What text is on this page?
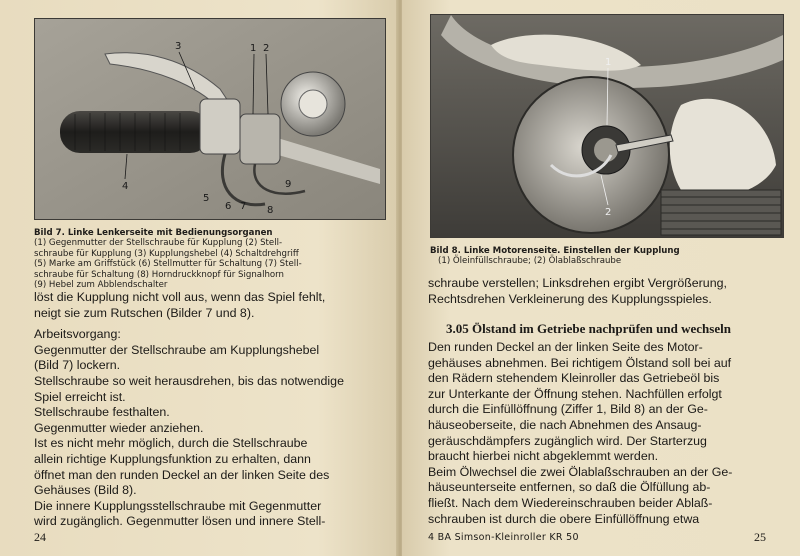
3	1 2
4
5
6 7
9
8
Bild 7. Linke Lenkerseite mit Bedienungsorganen
(1) Gegenmutter der Stellschraube für Kupplung (2) Stell-
schraube für Kupplung (3) Kupplungshebel (4) Schaltdrehgriff
(5) Marke am Griffstück (6) Stellmutter für Schaltung (7) Stell-
schraube für Schaltung (8) Horndruckknopf für Signalhorn
(9) Hebel zum Abblendschalter
löst die Kupplung nicht voll aus, wenn das Spiel fehlt,
neigt sie zum Rutschen (Bilder 7 und 8).
Arbeitsvorgang:
Gegenmutter der Stellschraube am Kupplungshebel
(Bild 7) lockern.
Stellschraube so weit herausdrehen, bis das notwendige
Spiel erreicht ist.
Stellschraube festhalten.
Gegenmutter wieder anziehen.
Ist es nicht mehr möglich, durch die Stellschraube
allein richtige Kupplungsfunktion zu erhalten, dann
öffnet man den runden Deckel an der linken Seite des
Gehäuses (Bild 8).
Die innere Kupplungsstellschraube mit Gegenmutter
wird zugänglich. Gegenmutter lösen und innere Stell-
24
1
2
Bild 8. Linke Motorenseite. Einstellen der Kupplung
(1) Öleinfüllschraube; (2) Ölablaßschraube
schraube verstellen; Linksdrehen ergibt Vergrößerung,
Rechtsdrehen Verkleinerung des Kupplungsspieles.
3.05 Ölstand im Getriebe nachprüfen und wechseln
Den runden Deckel an der linken Seite des Motor-
gehäuses abnehmen. Bei richtigem Ölstand soll bei auf
den Rädern stehendem Kleinroller das Getriebeöl bis
zur Unterkante der Öffnung stehen. Nachfüllen erfolgt
durch die Einfüllöffnung (Ziffer 1, Bild 8) an der Ge-
häuseoberseite, die nach Abnehmen des Ansaug-
geräuschdämpfers zugänglich wird. Der Starterzug
braucht hierbei nicht abgeklemmt werden.
Beim Ölwechsel die zwei Ölablaßschrauben an der Ge-
häuseunterseite entfernen, so daß die Ölfüllung ab-
fließt. Nach dem Wiedereinschrauben beider Ablaß-
schrauben ist durch die obere Einfüllöffnung etwa
4 BA Simson-Kleinroller KR 50	25
